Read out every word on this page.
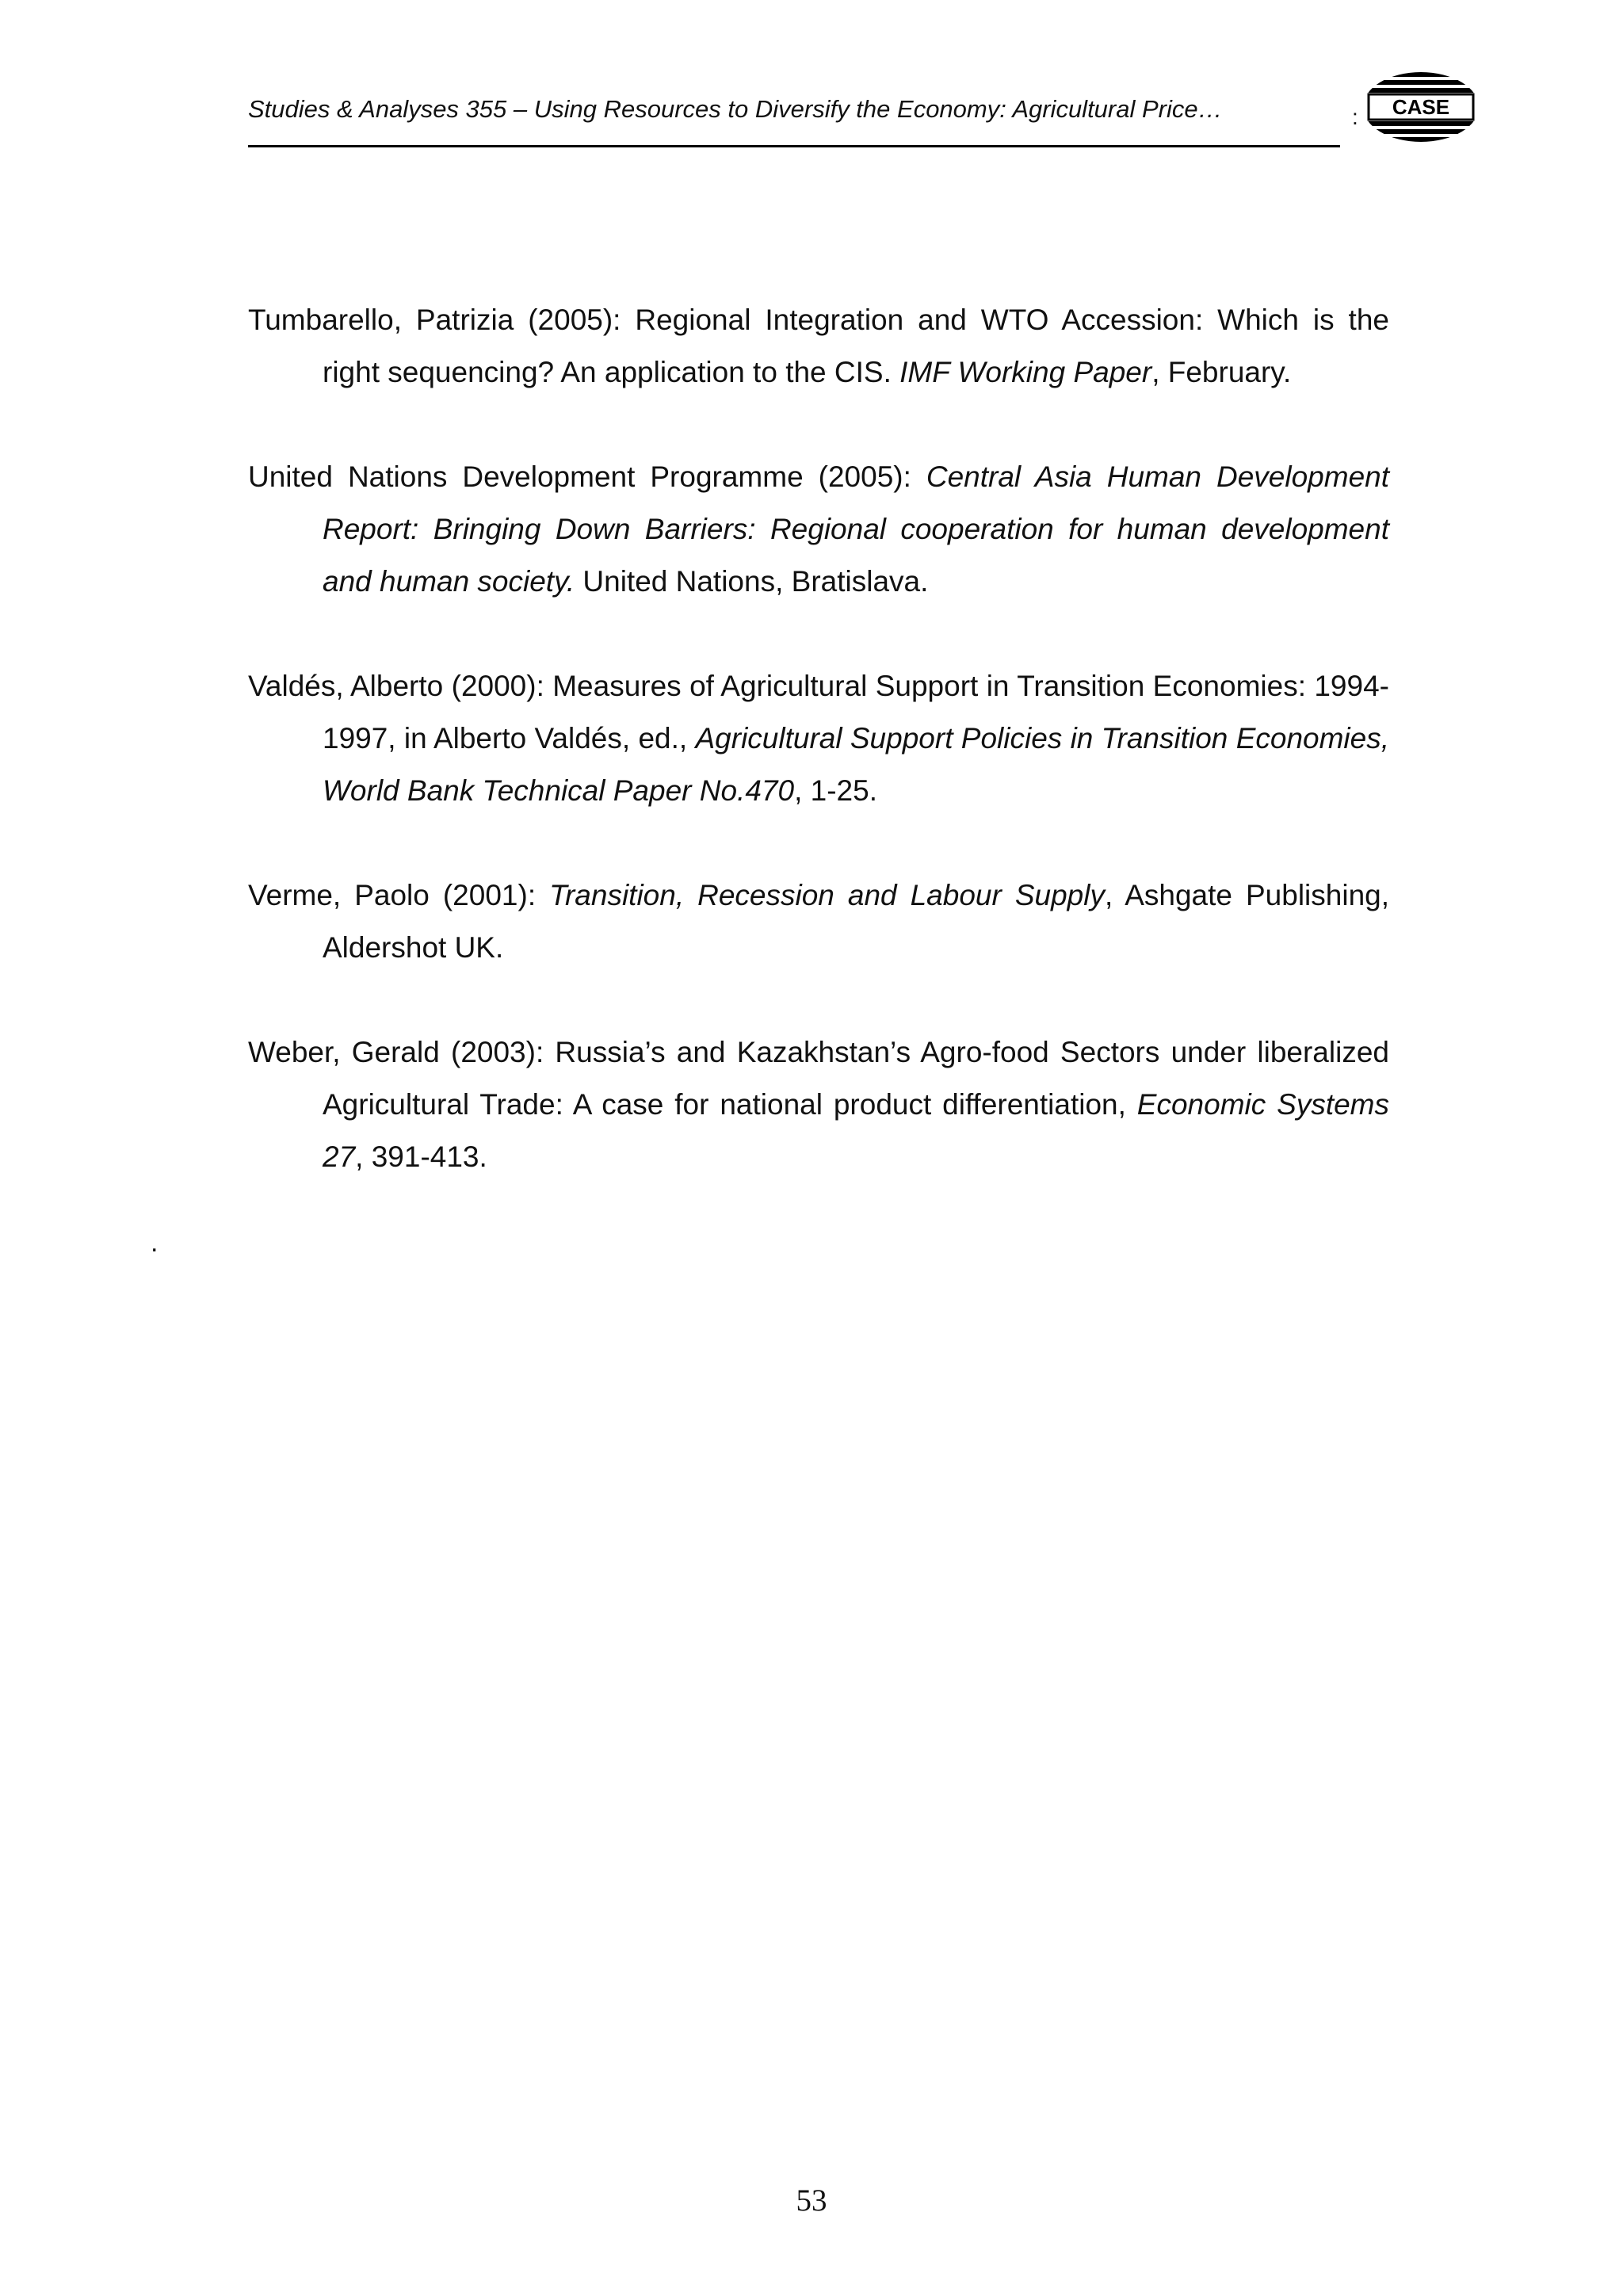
Studies & Analyses 355 – Using Resources to Diversify the Economy: Agricultural Price…	: CASE

Tumbarello, Patrizia (2005): Regional Integration and WTO Accession: Which is the right sequencing? An application to the CIS. IMF Working Paper, February.

United Nations Development Programme (2005): Central Asia Human Development Report: Bringing Down Barriers: Regional cooperation for human development and human society. United Nations, Bratislava.

Valdés, Alberto (2000): Measures of Agricultural Support in Transition Economies: 1994-1997, in Alberto Valdés, ed., Agricultural Support Policies in Transition Economies, World Bank Technical Paper No.470, 1-25.

Verme, Paolo (2001): Transition, Recession and Labour Supply, Ashgate Publishing, Aldershot UK.

Weber, Gerald (2003): Russia’s and Kazakhstan’s Agro-food Sectors under liberalized Agricultural Trade: A case for national product differentiation, Economic Systems 27, 391-413.

.
53
